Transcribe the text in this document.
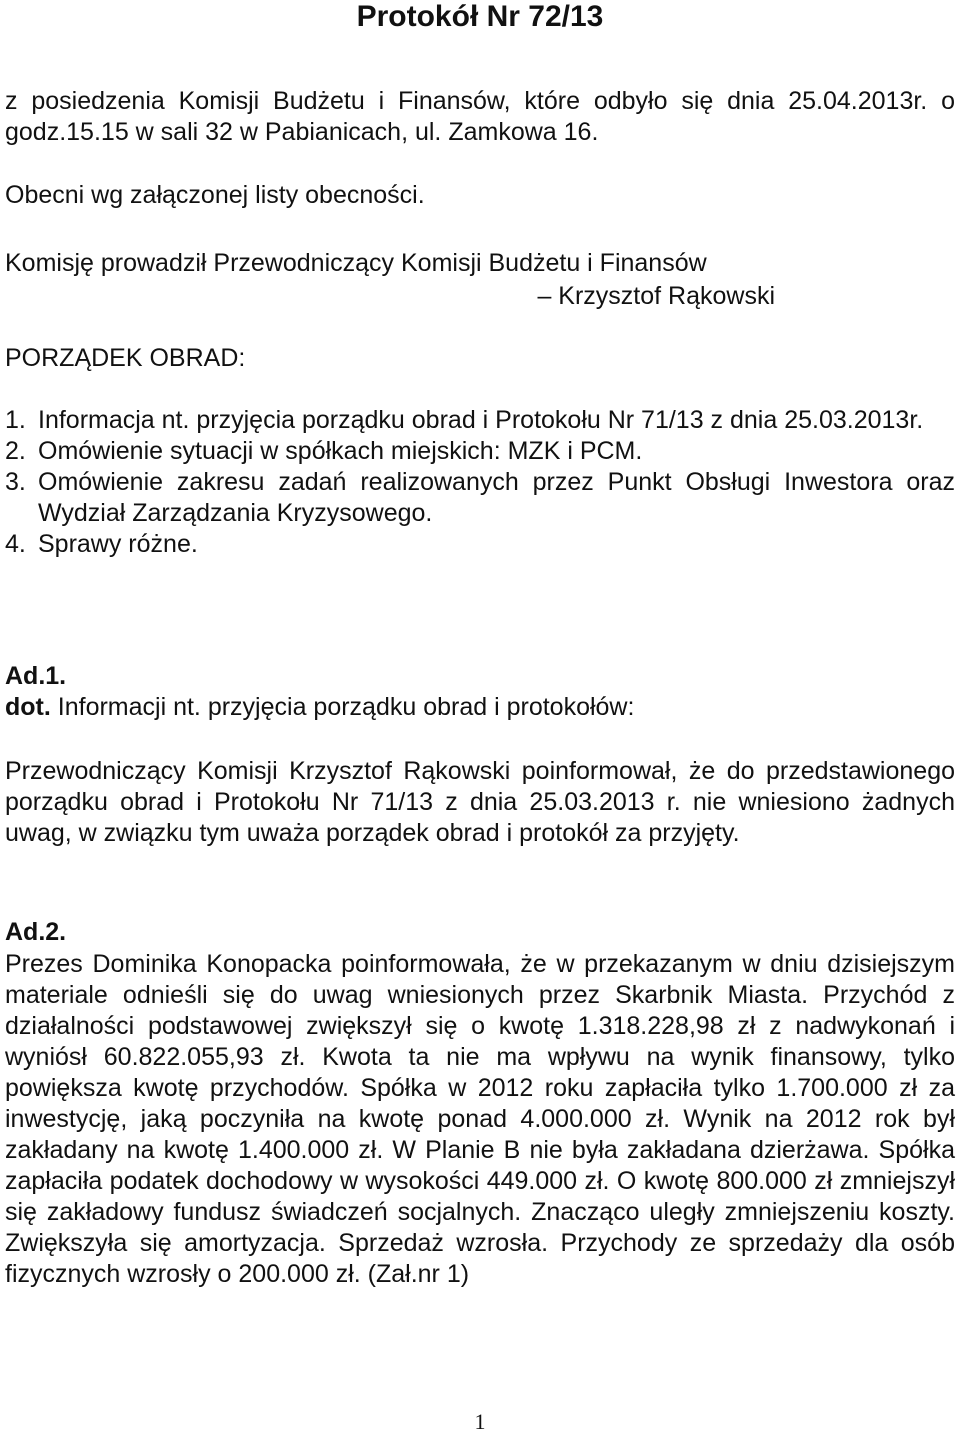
Protokół Nr 72/13
z posiedzenia Komisji Budżetu i Finansów, które odbyło się dnia 25.04.2013r. o godz.15.15 w sali 32 w Pabianicach, ul. Zamkowa 16.
Obecni wg załączonej listy obecności.
Komisję prowadził Przewodniczący Komisji Budżetu i Finansów
– Krzysztof Rąkowski
PORZĄDEK OBRAD:
1. Informacja nt. przyjęcia porządku obrad i Protokołu Nr 71/13 z dnia 25.03.2013r.
2. Omówienie sytuacji w spółkach miejskich: MZK i PCM.
3. Omówienie zakresu zadań realizowanych przez Punkt Obsługi Inwestora oraz Wydział Zarządzania Kryzysowego.
4. Sprawy różne.
Ad.1.
dot. Informacji nt. przyjęcia porządku obrad i protokołów:
Przewodniczący Komisji Krzysztof Rąkowski poinformował, że do przedstawionego porządku obrad i Protokołu Nr 71/13 z dnia 25.03.2013 r. nie wniesiono żadnych uwag, w związku tym uważa porządek obrad i protokół za przyjęty.
Ad.2.
Prezes Dominika Konopacka poinformowała, że w przekazanym w dniu dzisiejszym materiale odnieśli się do uwag wniesionych przez Skarbnik Miasta. Przychód z działalności podstawowej zwiększył się o kwotę 1.318.228,98 zł z nadwykonań i wyniósł 60.822.055,93 zł. Kwota ta nie ma wpływu na wynik finansowy, tylko powiększa kwotę przychodów. Spółka w 2012 roku zapłaciła tylko 1.700.000 zł za inwestycję, jaką poczyniła na kwotę ponad 4.000.000 zł. Wynik na 2012 rok był zakładany na kwotę 1.400.000 zł. W Planie B nie była zakładana dzierżawa. Spółka zapłaciła podatek dochodowy w wysokości 449.000 zł. O kwotę 800.000 zł zmniejszył się zakładowy fundusz świadczeń socjalnych. Znacząco uległy zmniejszeniu koszty. Zwiększyła się amortyzacja. Sprzedaż wzrosła. Przychody ze sprzedaży dla osób fizycznych wzrosły o 200.000 zł. (Zał.nr 1)
1
